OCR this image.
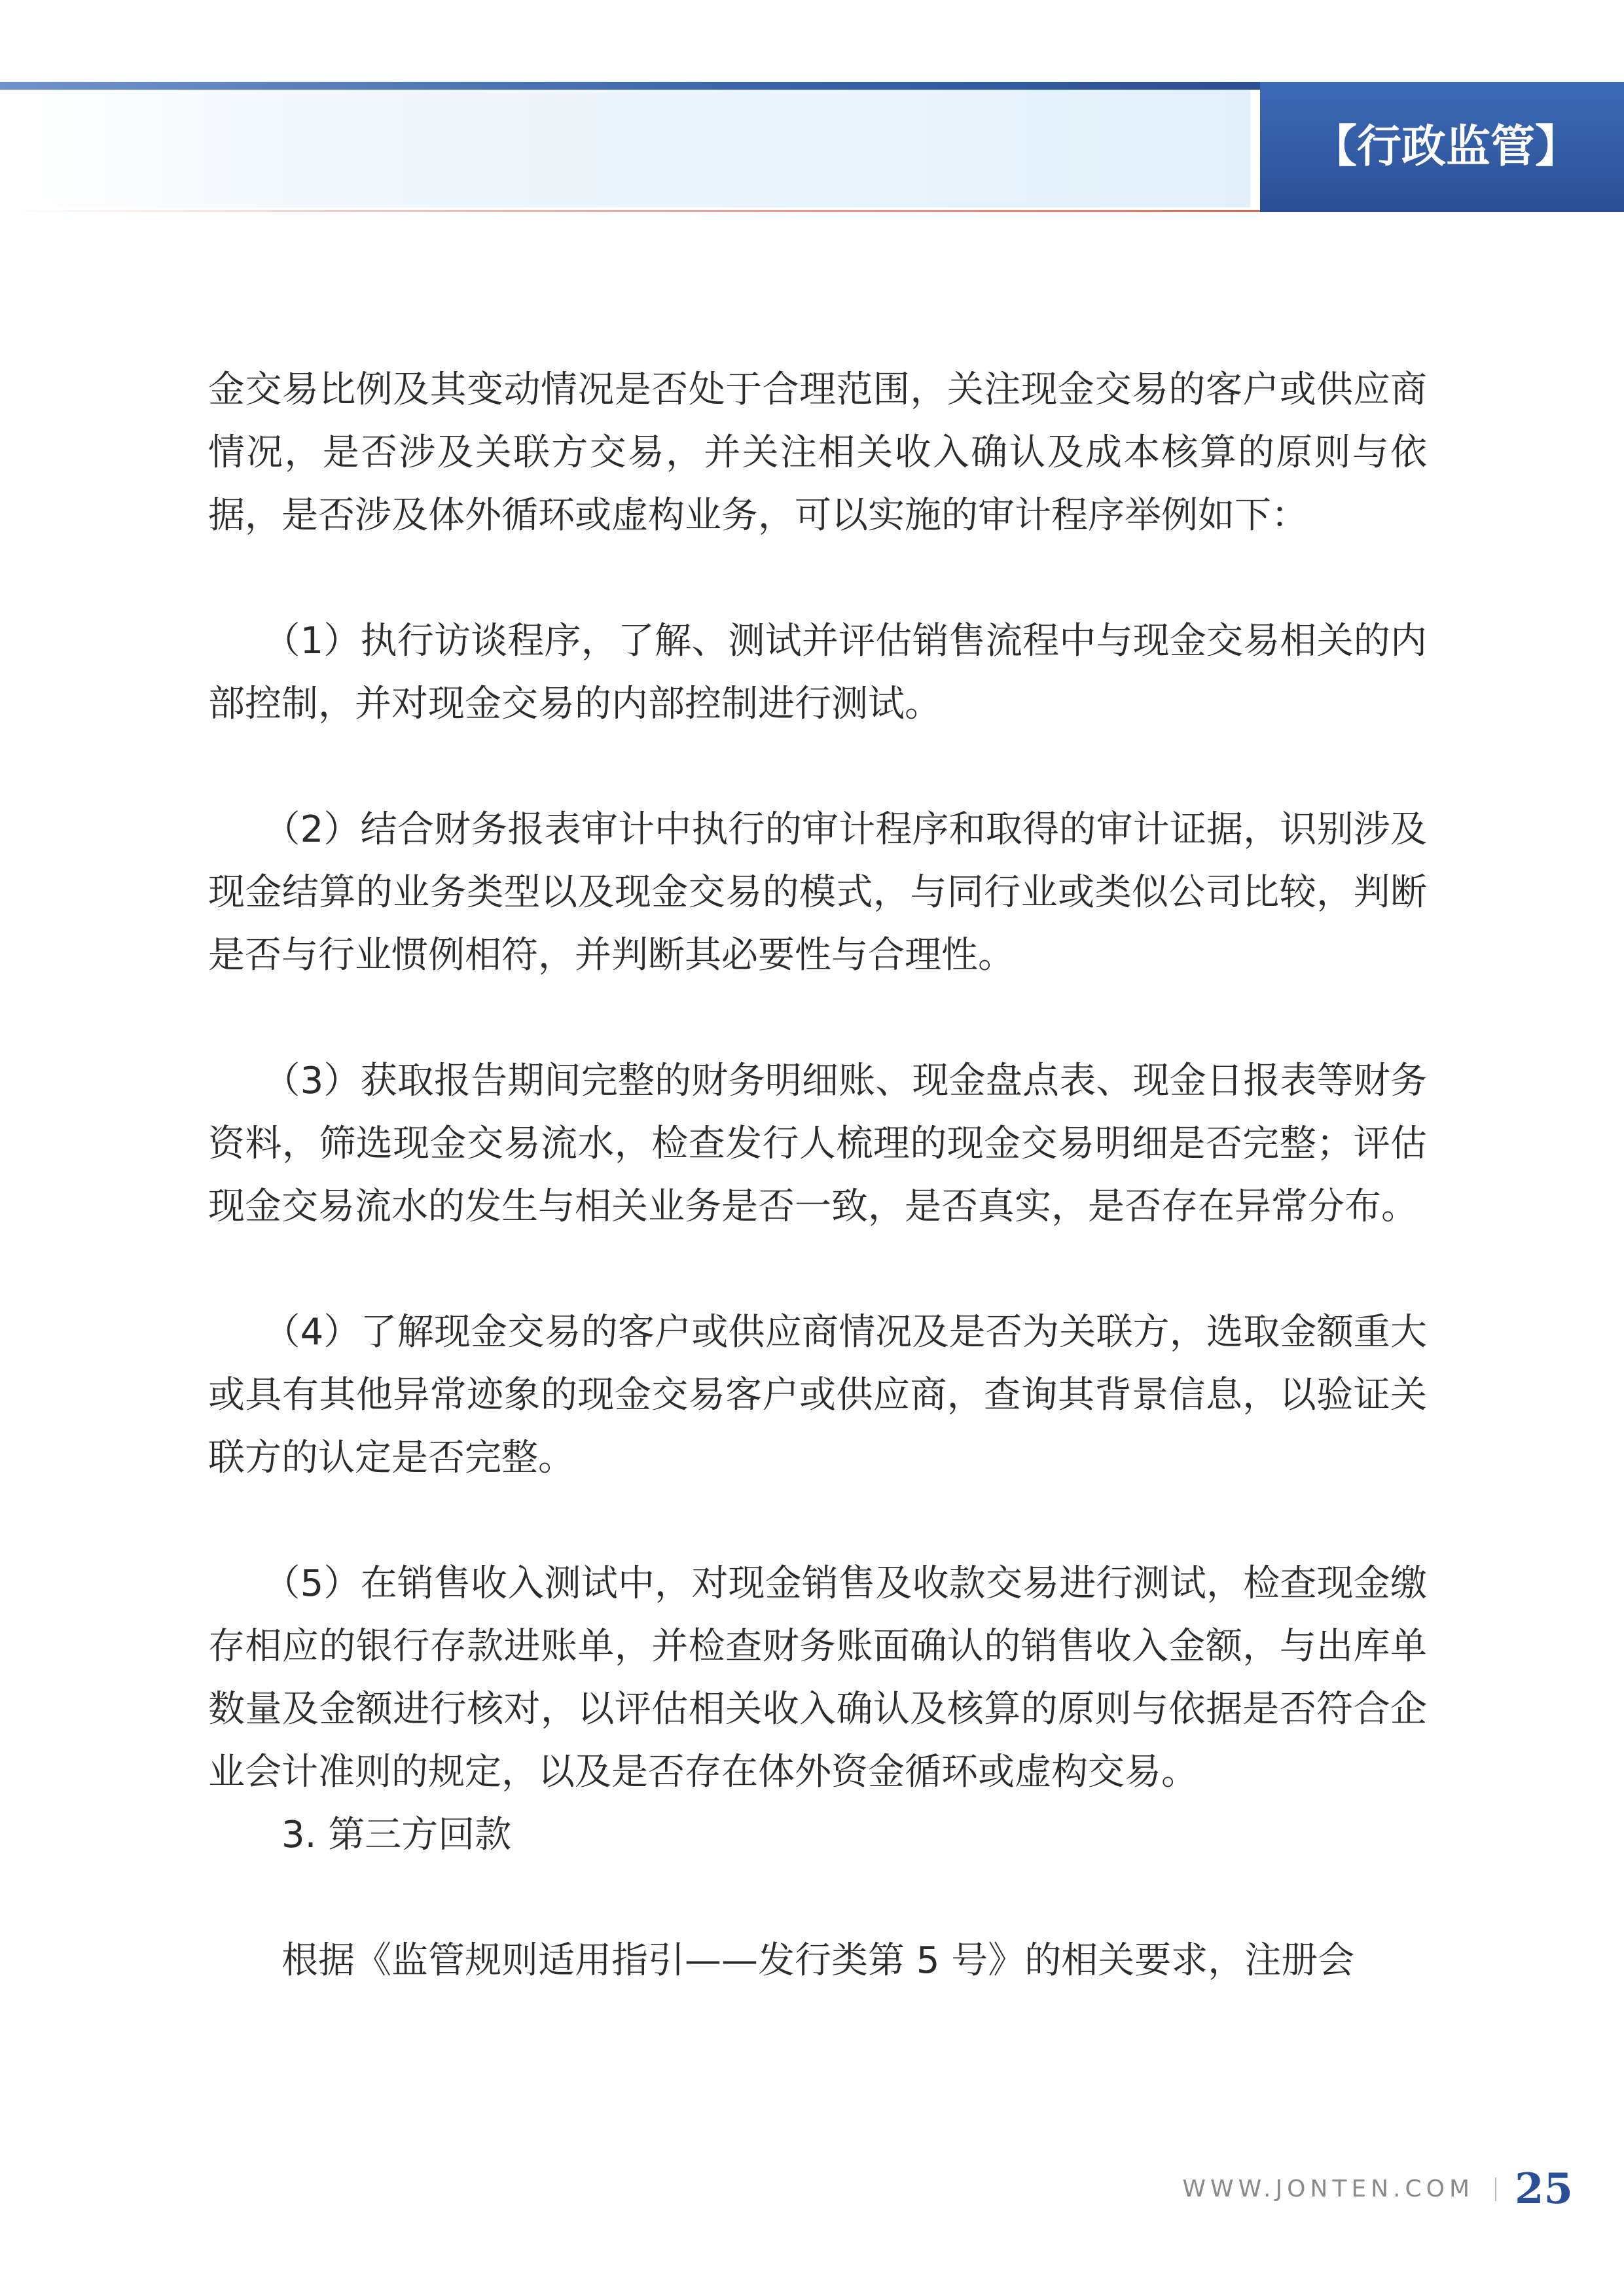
【行政监管】

金交易比例及其变动情况是否处于合理范围，关注现金交易的客户或供应商情况，是否涉及关联方交易，并关注相关收入确认及成本核算的原则与依据，是否涉及体外循环或虚构业务，可以实施的审计程序举例如下：

　　（1）执行访谈程序，了解、测试并评估销售流程中与现金交易相关的内部控制，并对现金交易的内部控制进行测试。

　　（2）结合财务报表审计中执行的审计程序和取得的审计证据，识别涉及现金结算的业务类型以及现金交易的模式，与同行业或类似公司比较，判断是否与行业惯例相符，并判断其必要性与合理性。

　　（3）获取报告期间完整的财务明细账、现金盘点表、现金日报表等财务资料，筛选现金交易流水，检查发行人梳理的现金交易明细是否完整；评估现金交易流水的发生与相关业务是否一致，是否真实，是否存在异常分布。

　　（4）了解现金交易的客户或供应商情况及是否为关联方，选取金额重大或具有其他异常迹象的现金交易客户或供应商，查询其背景信息，以验证关联方的认定是否完整。

　　（5）在销售收入测试中，对现金销售及收款交易进行测试，检查现金缴存相应的银行存款进账单，并检查财务账面确认的销售收入金额，与出库单数量及金额进行核对，以评估相关收入确认及核算的原则与依据是否符合企业会计准则的规定，以及是否存在体外资金循环或虚构交易。

　　3. 第三方回款

　　根据《监管规则适用指引——发行类第 5 号》的相关要求，注册会

WWW.JONTEN.COM 25
